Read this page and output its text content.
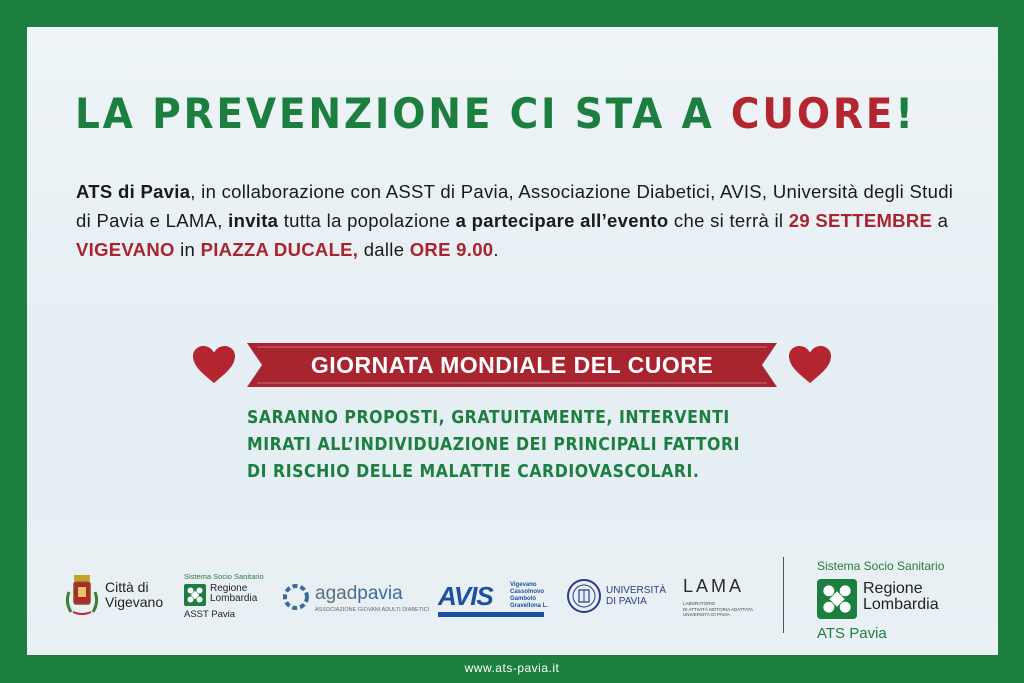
LA PREVENZIONE CI STA A CUORE!

ATS di Pavia, in collaborazione con ASST di Pavia, Associazione Diabetici, AVIS, Università degli Studi di Pavia e LAMA, invita tutta la popolazione a partecipare all’evento che si terrà il 29 SETTEMBRE a VIGEVANO in PIAZZA DUCALE, dalle ORE 9.00.

GIORNATA MONDIALE DEL CUORE
SARANNO PROPOSTI, GRATUITAMENTE, INTERVENTI
MIRATI ALL’INDIVIDUAZIONE DEI PRINCIPALI FATTORI
DI RISCHIO DELLE MALATTIE CARDIOVASCOLARI.
Città di
Vigevano
Sistema Socio Sanitario
Regione
Lombardia
ASST Pavia
agadpavia
ASSOCIAZIONE GIOVANI ADULTI DIABETICI AVIS	Vigevano
Cassolnovo
Gambolò
Gravellona L.
UNIVERSITÀ
DI PAVIA
LAMA
LABORATORIO
DI ATTIVITÀ MOTORIA ADATTATA
UNIVERSITÀ DI PAVIA
Sistema Socio Sanitario
Regione
Lombardia
ATS Pavia
www.ats-pavia.it
